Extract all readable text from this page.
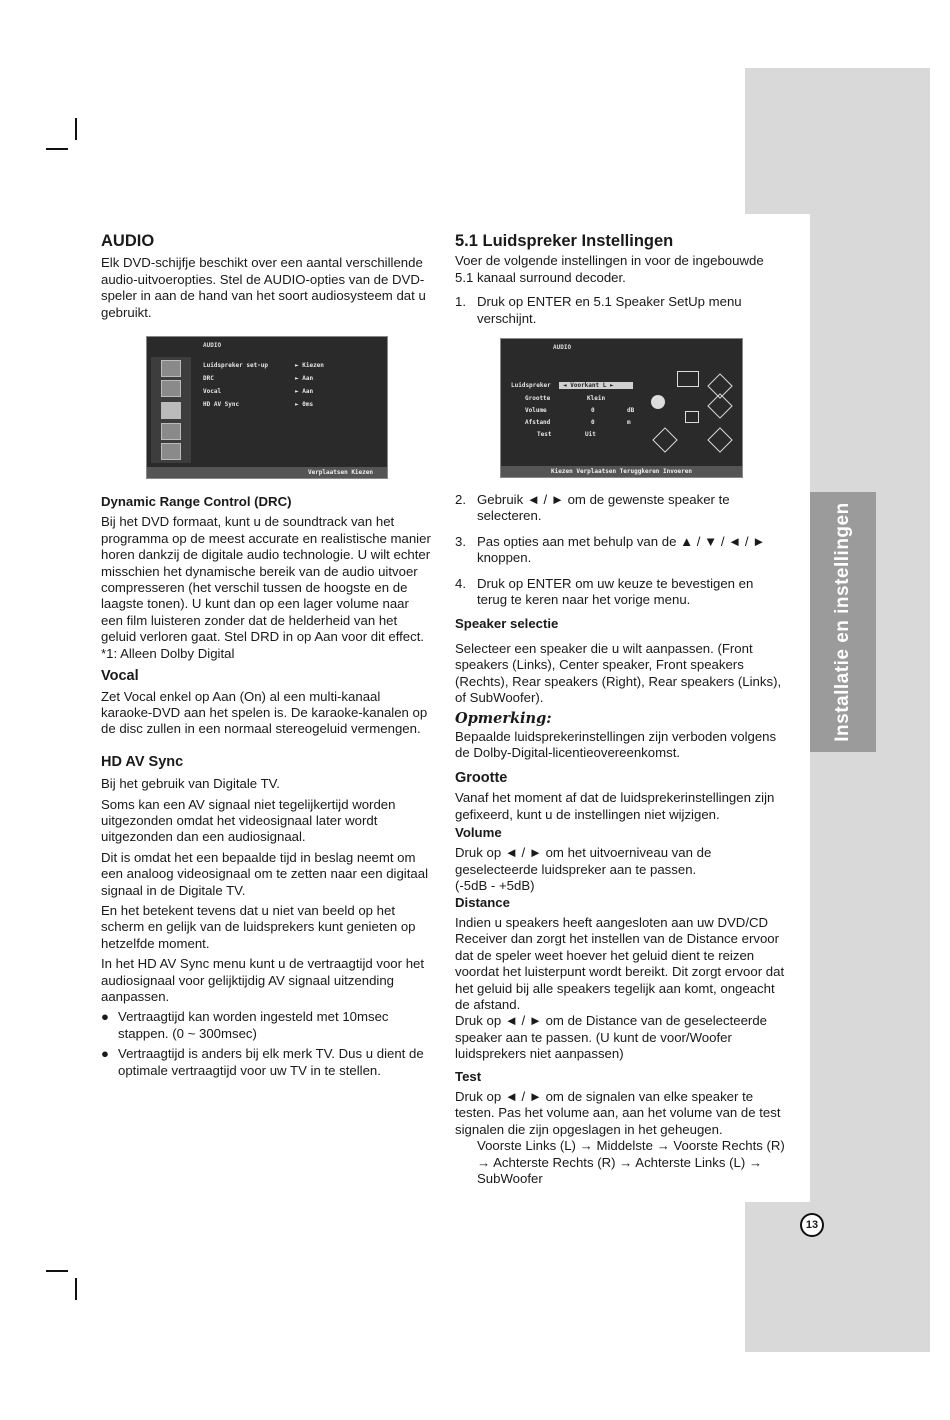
Installatie en instellingen
13
AUDIO

Elk DVD-schijfje beschikt over een aantal verschillende audio-uitvoeropties. Stel de AUDIO-opties van de DVD-speler in aan de hand van het soort audiosysteem dat u gebruikt.

Dynamic Range Control (DRC)

Bij het DVD formaat, kunt u de soundtrack van het programma op de meest accurate en realistische manier horen dankzij de digitale audio technologie. U wilt echter misschien het dynamische bereik van de audio uitvoer compresseren (het verschil tussen de hoogste en de laagste tonen). U kunt dan op een lager volume naar een film luisteren zonder dat de helderheid van het geluid verloren gaat. Stel DRD in op Aan voor dit effect.

*1: Alleen Dolby Digital

Vocal

Zet Vocal enkel op Aan (On) al een multi-kanaal karaoke-DVD aan het spelen is. De karaoke-kanalen op de disc zullen in een normaal stereogeluid vermengen.

HD AV Sync

Bij het gebruik van Digitale TV.

Soms kan een AV signaal niet tegelijkertijd worden uitgezonden omdat het videosignaal later wordt uitgezonden dan een audiosignaal.

Dit is omdat het een bepaalde tijd in beslag neemt om een analoog videosignaal om te zetten naar een digitaal signaal in de Digitale TV.

En het betekent tevens dat u niet van beeld op het scherm en gelijk van de luidsprekers kunt genieten op hetzelfde moment.

In het HD AV Sync menu kunt u de vertraagtijd voor het audiosignaal voor gelijktijdig AV signaal uitzending aanpassen.

● Vertraagtijd kan worden ingesteld met 10msec stappen. (0 ~ 300msec)
● Vertraagtijd is anders bij elk merk TV. Dus u dient de optimale vertraagtijd voor uw TV in te stellen.
AUDIO
Luidspreker set-up	► Kiezen
DRC	► Aan
Vocal	► Aan
HD AV Sync	► 0ms
Verplaatsen Kiezen
5.1 Luidspreker Instellingen

Voer de volgende instellingen in voor de ingebouwde 5.1 kanaal surround decoder.

1. Druk op ENTER en 5.1 Speaker SetUp menu verschijnt.
2. Gebruik ◄ / ► om de gewenste speaker te selecteren.
3. Pas opties aan met behulp van de ▲ / ▼ / ◄ / ► knoppen.
4. Druk op ENTER om uw keuze te bevestigen en terug te keren naar het vorige menu.
Speaker selectie

Selecteer een speaker die u wilt aanpassen. (Front speakers (Links), Center speaker, Front speakers (Rechts), Rear speakers (Right), Rear speakers (Links), of SubWoofer).

Opmerking:

Bepaalde luidsprekerinstellingen zijn verboden volgens de Dolby-Digital-licentieovereenkomst.

Grootte

Vanaf het moment af dat de luidsprekerinstellingen zijn gefixeerd, kunt u de instellingen niet wijzigen.

Volume

Druk op ◄ / ► om het uitvoerniveau van de geselecteerde luidspreker aan te passen.

(-5dB - +5dB)

Distance

Indien u speakers heeft aangesloten aan uw DVD/CD Receiver dan zorgt het instellen van de Distance ervoor dat de speler weet hoever het geluid dient te reizen voordat het luisterpunt wordt bereikt. Dit zorgt ervoor dat het geluid bij alle speakers tegelijk aan komt, ongeacht de afstand.

Druk op ◄ / ► om de Distance van de geselecteerde speaker aan te passen. (U kunt de voor/Woofer luidsprekers niet aanpassen)

Test

Druk op ◄ / ► om de signalen van elke speaker te testen. Pas het volume aan, aan het volume van de test signalen die zijn opgeslagen in het geheugen.

Voorste Links (L) → Middelste → Voorste Rechts (R) → Achterste Rechts (R) → Achterste Links (L) → SubWoofer

AUDIO
Luidspreker ◄ Voorkant L ►
Grootte	Klein
Volume	0	dB
Afstand	0	m
Test	Uit
Kiezen Verplaatsen Teruggkeren Invoeren
